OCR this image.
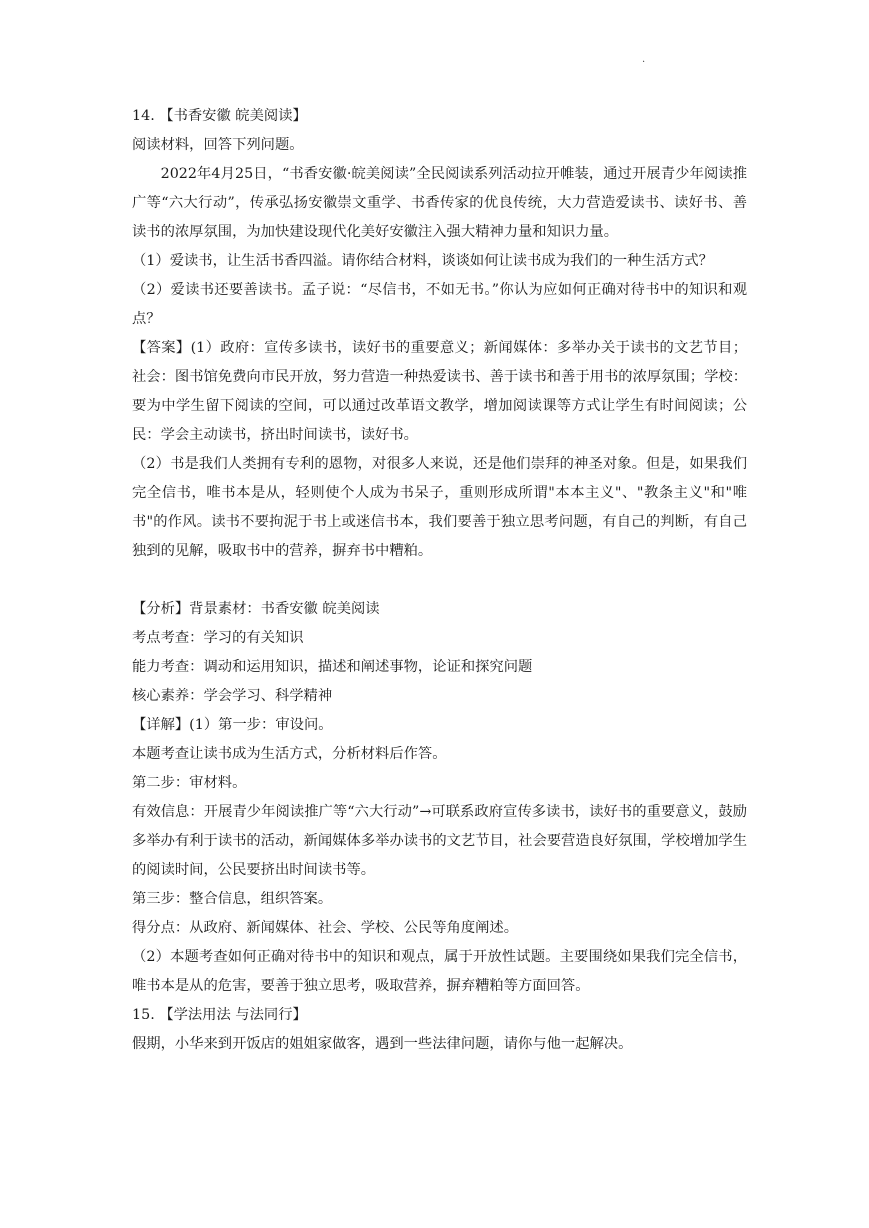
.
14. 【书香安徽 皖美阅读】
阅读材料，回答下列问题。

2022年4月25日，“书香安徽·皖美阅读”全民阅读系列活动拉开帷装，通过开展青少年阅读推广等“六大行动”，传承弘扬安徽崇文重学、书香传家的优良传统，大力营造爱读书、读好书、善读书的浓厚氛围，为加快建设现代化美好安徽注入强大精神力量和知识力量。

（1）爱读书，让生活书香四溢。请你结合材料，谈谈如何让读书成为我们的一种生活方式？

（2）爱读书还要善读书。孟子说：“尽信书，不如无书。”你认为应如何正确对待书中的知识和观点？

【答案】(1）政府：宣传多读书，读好书的重要意义；新闻媒体：多举办关于读书的文艺节目；社会：图书馆免费向市民开放，努力营造一种热爱读书、善于读书和善于用书的浓厚氛围；学校：要为中学生留下阅读的空间，可以通过改革语文教学，增加阅读课等方式让学生有时间阅读；公民：学会主动读书，挤出时间读书，读好书。

（2）书是我们人类拥有专利的恩物，对很多人来说，还是他们崇拜的神圣对象。但是，如果我们完全信书，唯书本是从，轻则使个人成为书呆子，重则形成所谓"本本主义"、"教条主义"和"唯书"的作风。读书不要拘泥于书上或迷信书本，我们要善于独立思考问题，有自己的判断，有自己独到的见解，吸取书中的营养，摒弃书中糟粕。

【分析】背景素材：书香安徽 皖美阅读
考点考查：学习的有关知识
能力考查：调动和运用知识，描述和阐述事物，论证和探究问题
核心素养：学会学习、科学精神
【详解】(1）第一步：审设问。
本题考查让读书成为生活方式，分析材料后作答。
第二步：审材料。

有效信息：开展青少年阅读推广等“六大行动”→可联系政府宣传多读书，读好书的重要意义，鼓励多举办有利于读书的活动，新闻媒体多举办读书的文艺节目，社会要营造良好氛围，学校增加学生的阅读时间，公民要挤出时间读书等。

第三步：整合信息，组织答案。
得分点：从政府、新闻媒体、社会、学校、公民等角度阐述。

（2）本题考查如何正确对待书中的知识和观点，属于开放性试题。主要围绕如果我们完全信书，唯书本是从的危害，要善于独立思考，吸取营养，摒弃糟粕等方面回答。

15. 【学法用法 与法同行】
假期，小华来到开饭店的姐姐家做客，遇到一些法律问题，请你与他一起解决。
